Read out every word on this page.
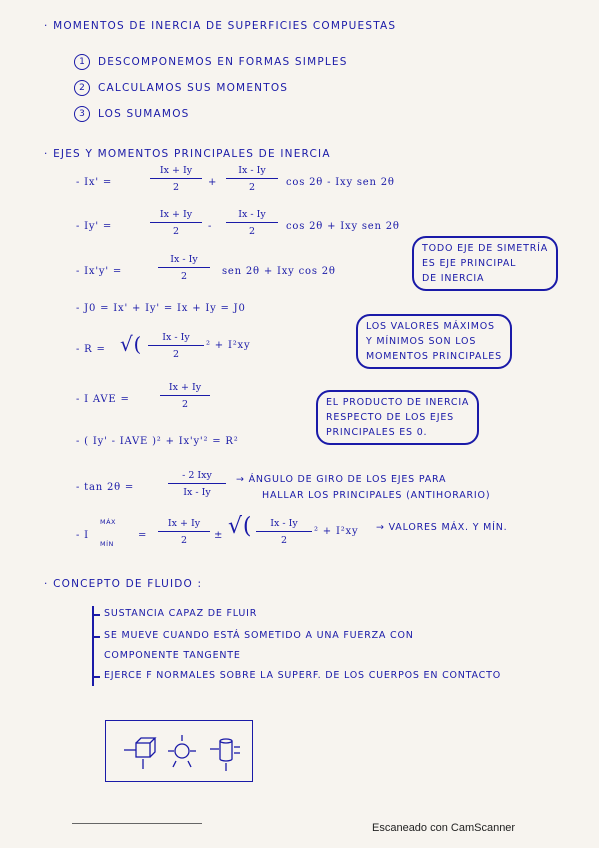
· MOMENTOS DE INERCIA DE SUPERFICIES COMPUESTAS
1	DESCOMPONEMOS EN FORMAS SIMPLES
2	CALCULAMOS SUS MOMENTOS
3	LOS SUMAMOS
· EJES Y MOMENTOS PRINCIPALES DE INERCIA
- Ix' =
Ix + Iy
2	+
Ix - Iy
2	cos 2θ - Ixy sen 2θ
- Iy' =
Ix + Iy
2	-
Ix - Iy
2	cos 2θ + Ixy sen 2θ
TODO EJE DE SIMETRÍA
ES EJE PRINCIPAL
DE INERCIA
- Ix'y' =
Ix - Iy
2	sen 2θ + Ixy cos 2θ
- J0 = Ix' + Iy' = Ix + Iy = J0
LOS VALORES MÁXIMOS
Y MÍNIMOS SON LOS
MOMENTOS PRINCIPALES
- R = √(	Ix - Iy
2
² + I²xy
EL PRODUCTO DE INERCIA
RESPECTO DE LOS EJES
PRINCIPALES ES 0.
- I AVE =
Ix + Iy
2
- ( Iy' - IAVE )² + Ix'y'² = R²
- tan 2θ =
- 2 Ixy
Ix - Iy
→ ÁNGULO DE GIRO DE LOS EJES PARA
HALLAR LOS PRINCIPALES (ANTIHORARIO)
- I
MÁX
MÍN
=
Ix + Iy
2	± √(	Ix - Iy
2
² + I²xy → VALORES MÁX. Y MÍN.
· CONCEPTO DE FLUIDO :
SUSTANCIA CAPAZ DE FLUIR
SE MUEVE CUANDO ESTÁ SOMETIDO A UNA FUERZA CON
COMPONENTE TANGENTE
EJERCE F NORMALES SOBRE LA SUPERF. DE LOS CUERPOS EN CONTACTO
Escaneado con CamScanner
